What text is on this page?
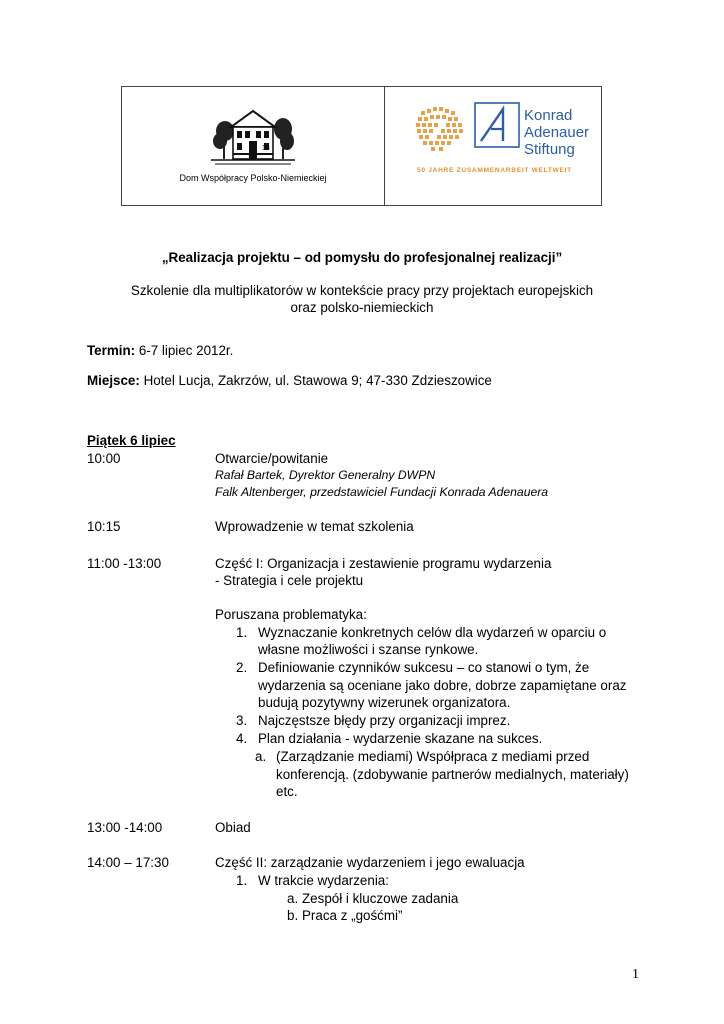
13
Dom Współpracy Polsko-Niemieckiej
Konrad
Adenauer
Stiftung
50 JAHRE ZUSAMMENARBEIT WELTWEIT
„Realizacja projektu – od pomysłu do profesjonalnej realizacji”
Szkolenie dla multiplikatorów w kontekście pracy przy projektach europejskich
oraz polsko-niemieckich
Termin: 6-7 lipiec 2012r.
Miejsce: Hotel Lucja, Zakrzów, ul. Stawowa 9; 47-330 Zdzieszowice
Piątek 6 lipiec
10:00	Otwarcie/powitanie
Rafał Bartek, Dyrektor Generalny DWPN
Falk Altenberger, przedstawiciel Fundacji Konrada Adenauera
10:15	Wprowadzenie w temat szkolenia
11:00 -13:00	Część I: Organizacja i zestawienie programu wydarzenia
- Strategia i cele projektu
Poruszana problematyka:
1. Wyznaczanie konkretnych celów dla wydarzeń w oparciu o
własne możliwości i szanse rynkowe.
2. Definiowanie czynników sukcesu – co stanowi o tym, że
wydarzenia są oceniane jako dobre, dobrze zapamiętane oraz
budują pozytywny wizerunek organizatora.
3. Najczęstsze błędy przy organizacji imprez.
4. Plan działania - wydarzenie skazane na sukces.
a. (Zarządzanie mediami) Współpraca z mediami przed
konferencją. (zdobywanie partnerów medialnych, materiały)
etc.
13:00 -14:00	Obiad
14:00 – 17:30	Część II: zarządzanie wydarzeniem i jego ewaluacja
1. W trakcie wydarzenia:
a. Zespół i kluczowe zadania
b. Praca z „gośćmi”
1
